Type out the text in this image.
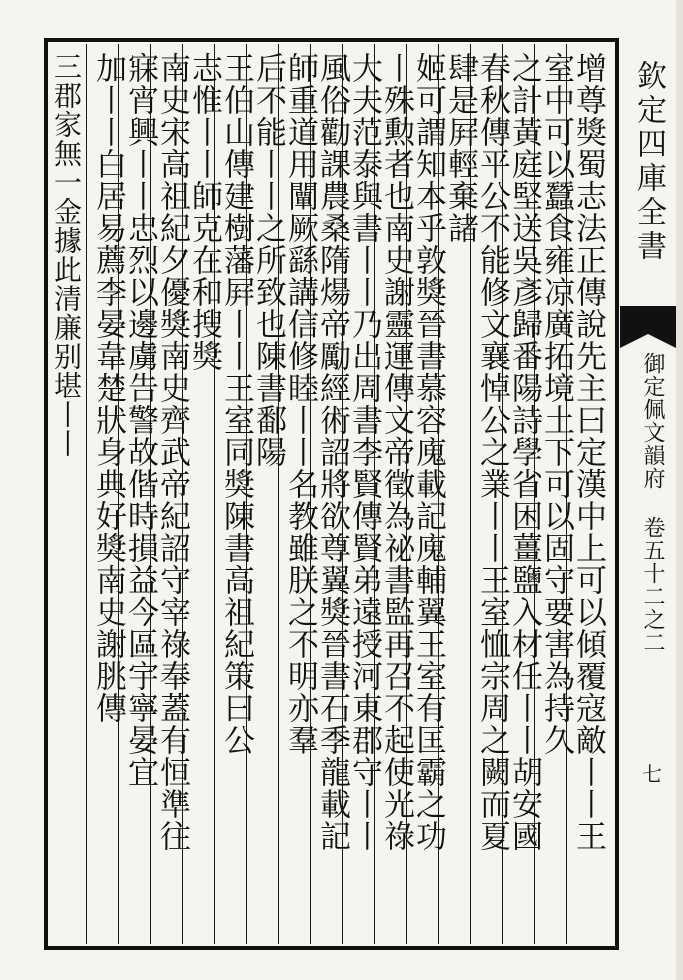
增尊獎蜀志法正傳說先主曰定漢中上可以傾覆寇敵丨丨王
室中可以蠶食雍凉廣拓境土下可以固守要害為持久
之計黃庭堅送吳彥歸番陽詩學省困薑鹽入材任丨丨胡安國
春秋傳平公不能修文襄悼公之業丨丨王室恤宗周之闕而夏
肆是屛輕棄諸
姬可謂知本乎敦獎晉書慕容廆載記廆輔翼王室有匡霸之功
丨殊勲者也南史謝靈運傳文帝徵為祕書監再召不起使光祿
大夫范泰與書丨丨乃出周書李賢傳賢弟遠授河東郡守丨丨
風俗勸課農桑隋煬帝勵經術詔將欲尊翼獎晉書石季龍載記
師重道用闡厥繇講信修睦丨丨名教雖朕之不明亦羣
后不能丨丨之所致也陳書鄱陽
王伯山傳建樹藩屛丨丨王室同獎陳書高祖紀策曰公
志惟丨丨師克在和搜獎
南史宋高祖紀夕優獎南史齊武帝紀詔守宰祿奉蓋有恒準往
寐宵興丨丨忠烈以邊虜告警故偕時損益今區宇寧晏宜
加丨丨白居易薦李晏韋楚狀身典好獎南史謝朓傳	欽定四庫全書
御定佩文韻府 卷五十二之二
七
三郡家無一金據此清廉别堪丨丨
